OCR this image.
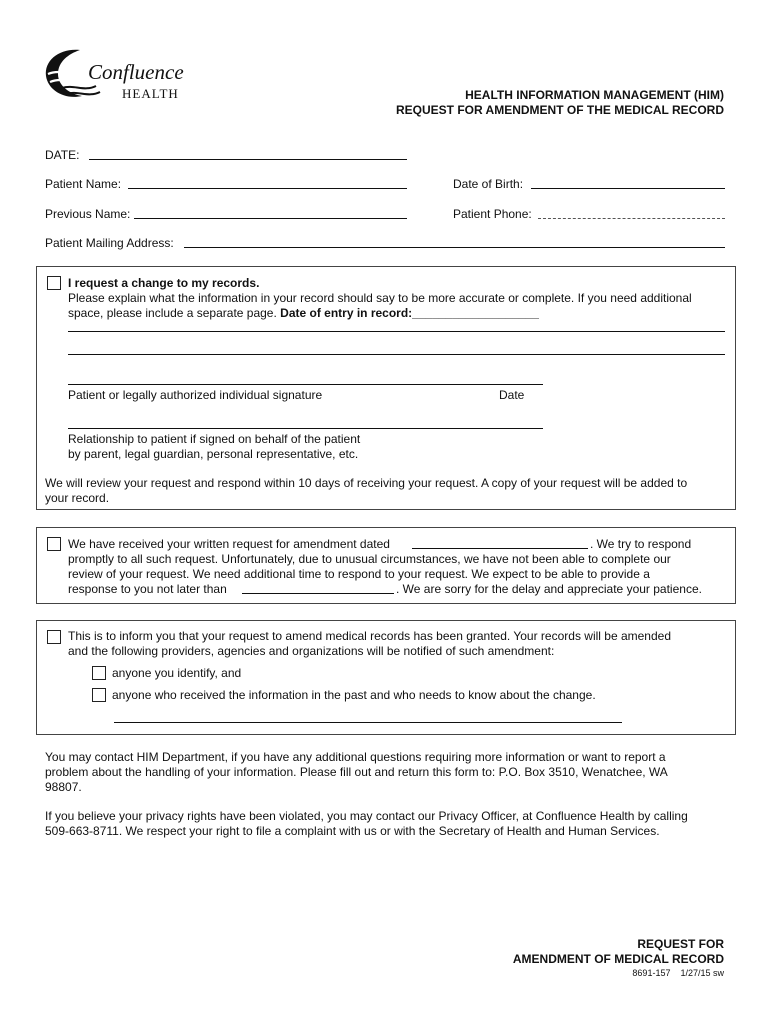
Confluence
HEALTH	HEALTH INFORMATION MANAGEMENT (HIM)
REQUEST FOR AMENDMENT OF THE MEDICAL RECORD
DATE:
Patient Name:	Date of Birth:
Previous Name:	Patient Phone:
Patient Mailing Address:
I request a change to my records.
Please explain what the information in your record should say to be more accurate or complete. If you need additional
space, please include a separate page. Date of entry in record:___________________
Patient or legally authorized individual signature	Date
Relationship to patient if signed on behalf of the patient
by parent, legal guardian, personal representative, etc.
We will review your request and respond within 10 days of receiving your request. A copy of your request will be added to
your record.
We have received your written request for amendment dated	. We try to respond
promptly to all such request. Unfortunately, due to unusual circumstances, we have not been able to complete our
review of your request. We need additional time to respond to your request. We expect to be able to provide a
response to you not later than	. We are sorry for the delay and appreciate your patience.
This is to inform you that your request to amend medical records has been granted. Your records will be amended
and the following providers, agencies and organizations will be notified of such amendment:
anyone you identify, and
anyone who received the information in the past and who needs to know about the change.
You may contact HIM Department, if you have any additional questions requiring more information or want to report a
problem about the handling of your information. Please fill out and return this form to: P.O. Box 3510, Wenatchee, WA
98807.
If you believe your privacy rights have been violated, you may contact our Privacy Officer, at Confluence Health by calling
509-663-8711. We respect your right to file a complaint with us or with the Secretary of Health and Human Services.
REQUEST FOR
AMENDMENT OF MEDICAL RECORD
8691-157    1/27/15 sw
